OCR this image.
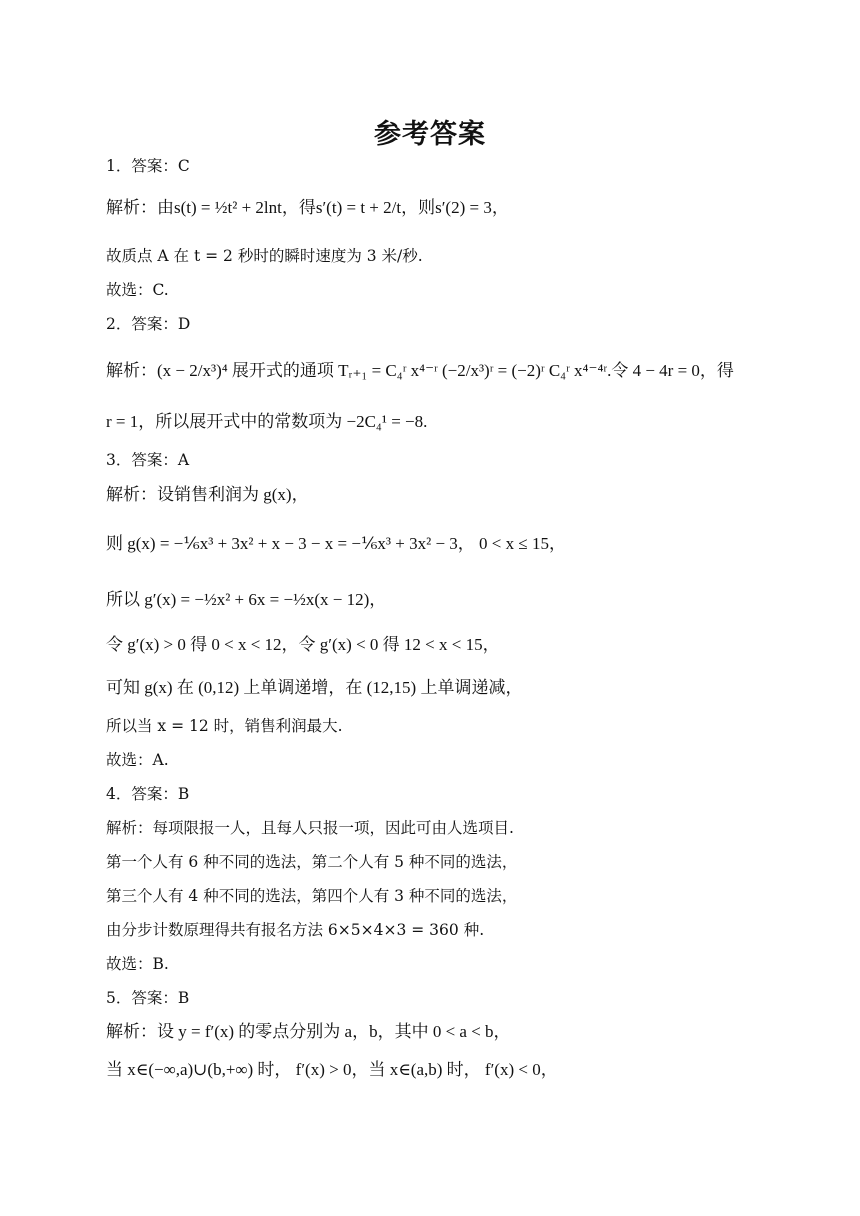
参考答案
1．答案：C
解析：由s(t) = ½t² + 2lnt，得s′(t) = t + 2/t，则s′(2) = 3，
故质点 A 在 t = 2 秒时的瞬时速度为 3 米/秒.
故选：C.
2．答案：D
解析：(x − 2/x³)⁴ 展开式的通项 Tᵣ₊₁ = C₄ʳ x⁴⁻ʳ (−2/x³)ʳ = (−2)ʳ C₄ʳ x⁴⁻⁴ʳ.令 4 − 4r = 0，得
r = 1，所以展开式中的常数项为 −2C₄¹ = −8.
3．答案：A
解析：设销售利润为 g(x)，
则 g(x) = −⅙x³ + 3x² + x − 3 − x = −⅙x³ + 3x² − 3， 0 < x ≤ 15，
所以 g′(x) = −½x² + 6x = −½x(x − 12)，
令 g′(x) > 0 得 0 < x < 12，令 g′(x) < 0 得 12 < x < 15，
可知 g(x) 在 (0,12) 上单调递增，在 (12,15) 上单调递减，
所以当 x = 12 时，销售利润最大.
故选：A.
4．答案：B
解析：每项限报一人，且每人只报一项，因此可由人选项目.
第一个人有 6 种不同的选法，第二个人有 5 种不同的选法，
第三个人有 4 种不同的选法，第四个人有 3 种不同的选法，
由分步计数原理得共有报名方法 6×5×4×3 = 360 种.
故选：B.
5．答案：B
解析：设 y = f′(x) 的零点分别为 a，b，其中 0 < a < b，
当 x∈(−∞,a)∪(b,+∞) 时， f′(x) > 0，当 x∈(a,b) 时， f′(x) < 0，
